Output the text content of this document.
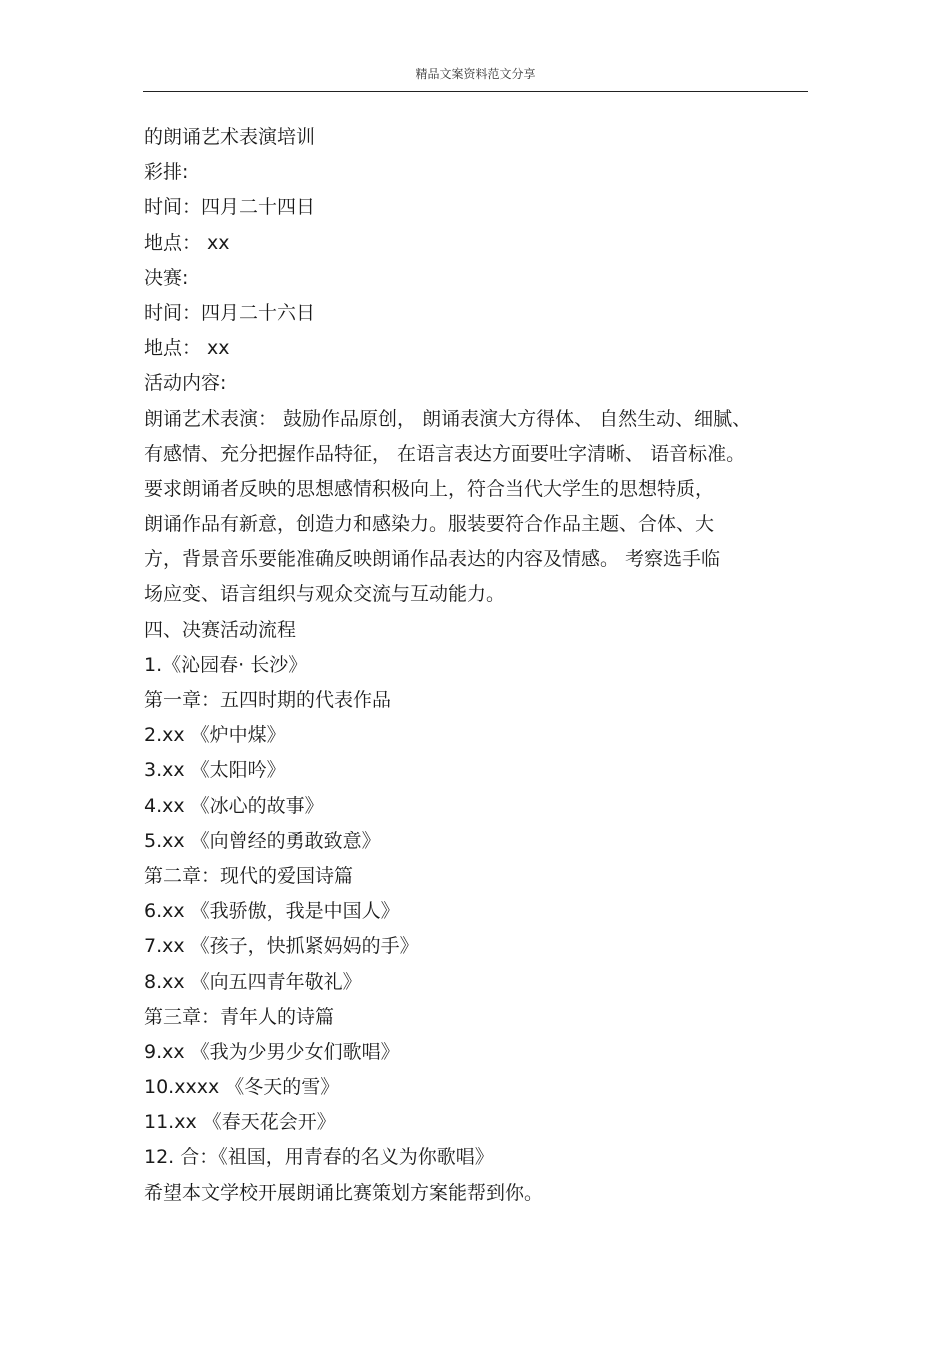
精品文案资料范文分享
的朗诵艺术表演培训
彩排:
时间：四月二十四日
地点： xx
决赛:
时间：四月二十六日
地点： xx
活动内容:
朗诵艺术表演： 鼓励作品原创， 朗诵表演大方得体、 自然生动、细腻、
有感情、充分把握作品特征， 在语言表达方面要吐字清晰、 语音标准。
要求朗诵者反映的思想感情积极向上，符合当代大学生的思想特质，
朗诵作品有新意，创造力和感染力。服装要符合作品主题、合体、大
方，背景音乐要能准确反映朗诵作品表达的内容及情感。 考察选手临
场应变、语言组织与观众交流与互动能力。
四、决赛活动流程
1.《沁园春· 长沙》
第一章：五四时期的代表作品
2.xx 《炉中煤》
3.xx 《太阳吟》
4.xx 《冰心的故事》
5.xx 《向曾经的勇敢致意》
第二章：现代的爱国诗篇
6.xx 《我骄傲，我是中国人》
7.xx 《孩子，快抓紧妈妈的手》
8.xx 《向五四青年敬礼》
第三章：青年人的诗篇
9.xx 《我为少男少女们歌唱》
10.xxxx 《冬天的雪》
11.xx 《春天花会开》
12. 合：《祖国，用青春的名义为你歌唱》
希望本文学校开展朗诵比赛策划方案能帮到你。
